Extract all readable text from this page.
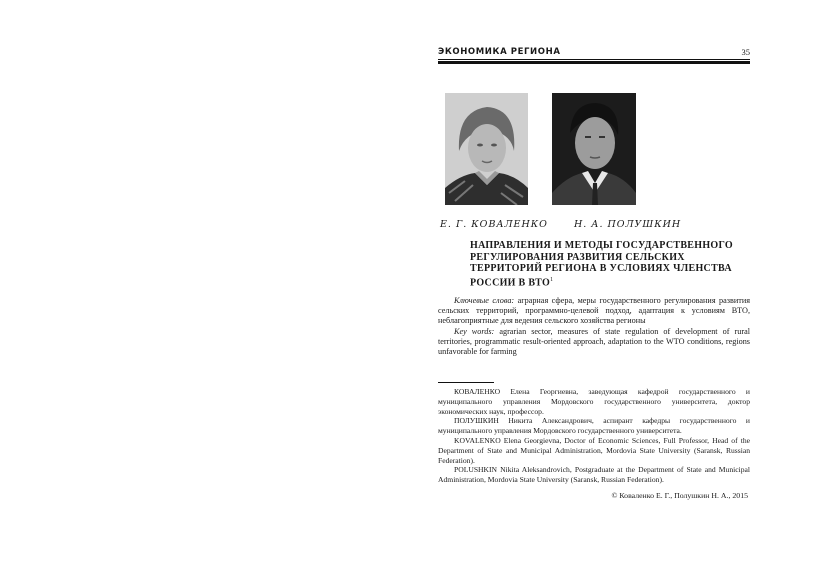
ЭКОНОМИКА РЕГИОНА	35
Е. Г. КОВАЛЕНКО	Н. А. ПОЛУШКИН
НАПРАВЛЕНИЯ И МЕТОДЫ ГОСУДАРСТВЕННОГО РЕГУЛИРОВАНИЯ РАЗВИТИЯ СЕЛЬСКИХ ТЕРРИТОРИЙ РЕГИОНА В УСЛОВИЯХ ЧЛЕНСТВА РОССИИ В ВТО$^1$

Ключевые слова: аграрная сфера, меры государственного регулирования развития сельских территорий, программно-целевой подход, адаптация к условиям ВТО, неблагоприятные для ведения сельского хозяйства регионы

Key words: agrarian sector, measures of state regulation of development of rural territories, programmatic result-oriented approach, adaptation to the WTO conditions, regions unfavorable for farming

КОВАЛЕНКО Елена Георгиевна, заведующая кафедрой государственного и муниципального управления Мордовского государственного университета, доктор экономических наук, профессор.

ПОЛУШКИН Никита Александрович, аспирант кафедры государственного и муниципального управления Мордовского государственного университета.

KOVALENKO Elena Georgievna, Doctor of Economic Sciences, Full Professor, Head of the Department of State and Municipal Administration, Mordovia State University (Saransk, Russian Federation).

POLUSHKIN Nikita Aleksandrovich, Postgraduate at the Department of State and Municipal Administration, Mordovia State University (Saransk, Russian Federation).

© Коваленко Е. Г., Полушкин Н. А., 2015
